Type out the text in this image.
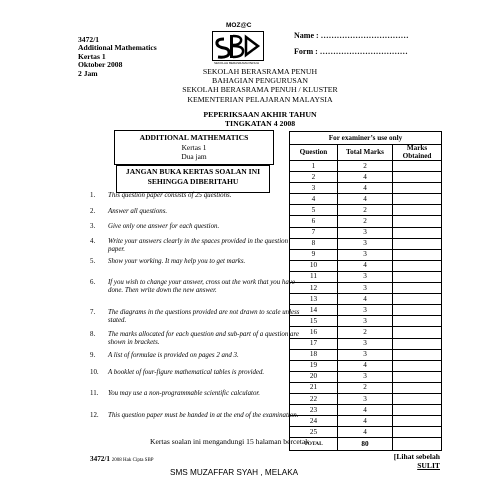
3472/1
Additional Mathematics
Kertas 1
Oktober 2008
2 Jam
MOZ@C
SEKOLAH BERASRAMA PENUH
Name : ……………………………
Form : ……………………………
SEKOLAH BERASRAMA PENUH
BAHAGIAN PENGURUSAN
SEKOLAH BERASRAMA PENUH / KLUSTER
KEMENTERIAN PELAJARAN MALAYSIA
PEPERIKSAAN AKHIR TAHUN
TINGKATAN 4 2008
ADDITIONAL MATHEMATICS
Kertas 1
Dua jam
JANGAN BUKA KERTAS SOALAN INI
SEHINGGA DIBERITAHU
1.	This question paper consists of 25 questions.
2.	Answer all questions.
3.	Give only one answer for each question.
4.	Write your answers clearly in the spaces provided in the question paper.
5.	Show your working. It may help you to get marks.
6.	If you wish to change your answer, cross out the work that you have done. Then write down the new answer.
7.	The diagrams in the questions provided are not drawn to scale unless stated.
8.	The marks allocated for each question and sub-part of a question are shown in brackets.
9.	A list of formulae is provided on pages 2 and 3.
10.	A booklet of four-figure mathematical tables is provided.
11.	You may use a non-programmable scientific calculator.
12.	This question paper must be handed in at the end of the examination.
For examiner’s use only		
Question	Total Marks	Marks Obtained
1	2	
2	4	
3	4	
4	4	
5	2	
6	2	
7	3	
8	3	
9	3	
10	4	
11	3	
12	3	
13	4	
14	3	
15	3	
16	2	
17	3	
18	3	
19	4	
20	3	
21	2	
22	3	
23	4	
24	4	
25	4	
TOTAL	80	
Kertas soalan ini mengandungi 15 halaman bercetak
3472/1 2008 Hak Cipta SBP
SMS MUZAFFAR SYAH , MELAKA
[Lihat sebelah
SULIT
